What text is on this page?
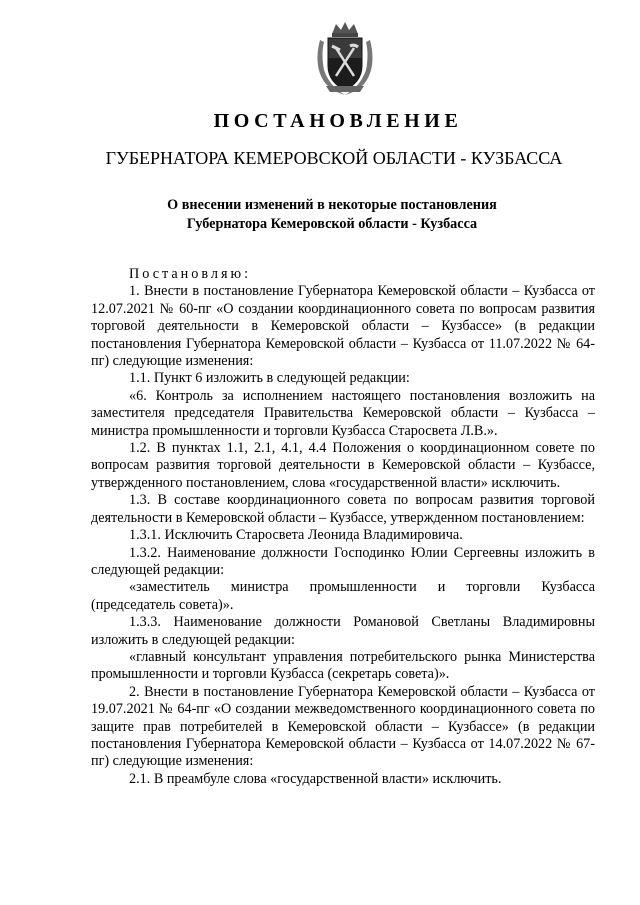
ПОСТАНОВЛЕНИЕ
ГУБЕРНАТОРА КЕМЕРОВСКОЙ ОБЛАСТИ - КУЗБАССА
О внесении изменений в некоторые постановления
Губернатора Кемеровской области - Кузбасса

Постановляю:

1. Внести в постановление Губернатора Кемеровской области – Кузбасса от 12.07.2021 № 60-пг «О создании координационного совета по вопросам развития торговой деятельности в Кемеровской области – Кузбассе» (в редакции постановления Губернатора Кемеровской области – Кузбасса от 11.07.2022 № 64-пг) следующие изменения:

1.1. Пункт 6 изложить в следующей редакции:

«6. Контроль за исполнением настоящего постановления возложить на заместителя председателя Правительства Кемеровской области – Кузбасса – министра промышленности и торговли Кузбасса Старосвета Л.В.».

1.2. В пунктах 1.1, 2.1, 4.1, 4.4 Положения о координационном совете по вопросам развития торговой деятельности в Кемеровской области – Кузбассе, утвержденного постановлением, слова «государственной власти» исключить.

1.3. В составе координационного совета по вопросам развития торговой деятельности в Кемеровской области – Кузбассе, утвержденном постановлением:

1.3.1. Исключить Старосвета Леонида Владимировича.

1.3.2. Наименование должности Господинко Юлии Сергеевны изложить в следующей редакции:

«заместитель министра промышленности и торговли Кузбасса (председатель совета)».

1.3.3. Наименование должности Романовой Светланы Владимировны изложить в следующей редакции:

«главный консультант управления потребительского рынка Министерства промышленности и торговли Кузбасса (секретарь совета)».

2. Внести в постановление Губернатора Кемеровской области – Кузбасса от 19.07.2021 № 64-пг «О создании межведомственного координационного совета по защите прав потребителей в Кемеровской области – Кузбассе» (в редакции постановления Губернатора Кемеровской области – Кузбасса от 14.07.2022 № 67-пг) следующие изменения:

2.1. В преамбуле слова «государственной власти» исключить.
